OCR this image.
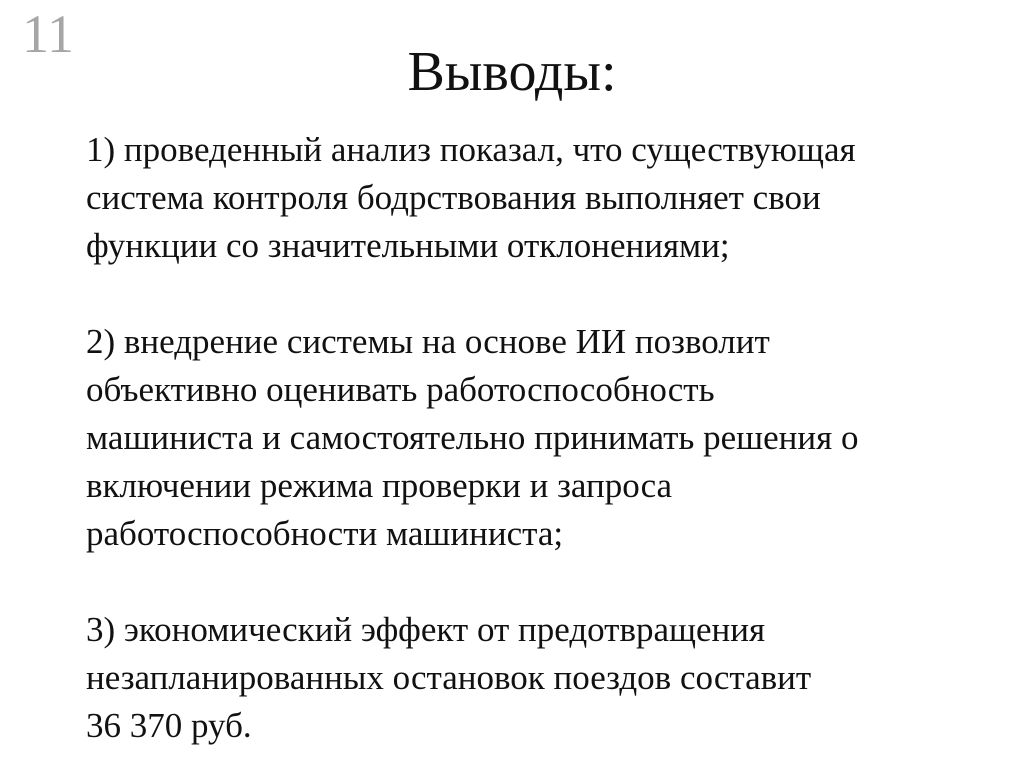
11
Выводы:
1) проведенный анализ показал, что существующая
система контроля бодрствования выполняет свои
функции со значительными отклонениями;
2) внедрение системы на основе ИИ позволит
объективно оценивать работоспособность
машиниста и самостоятельно принимать решения о
включении режима проверки и запроса
работоспособности машиниста;
3) экономический эффект от предотвращения
незапланированных остановок поездов составит
36 370 руб.
